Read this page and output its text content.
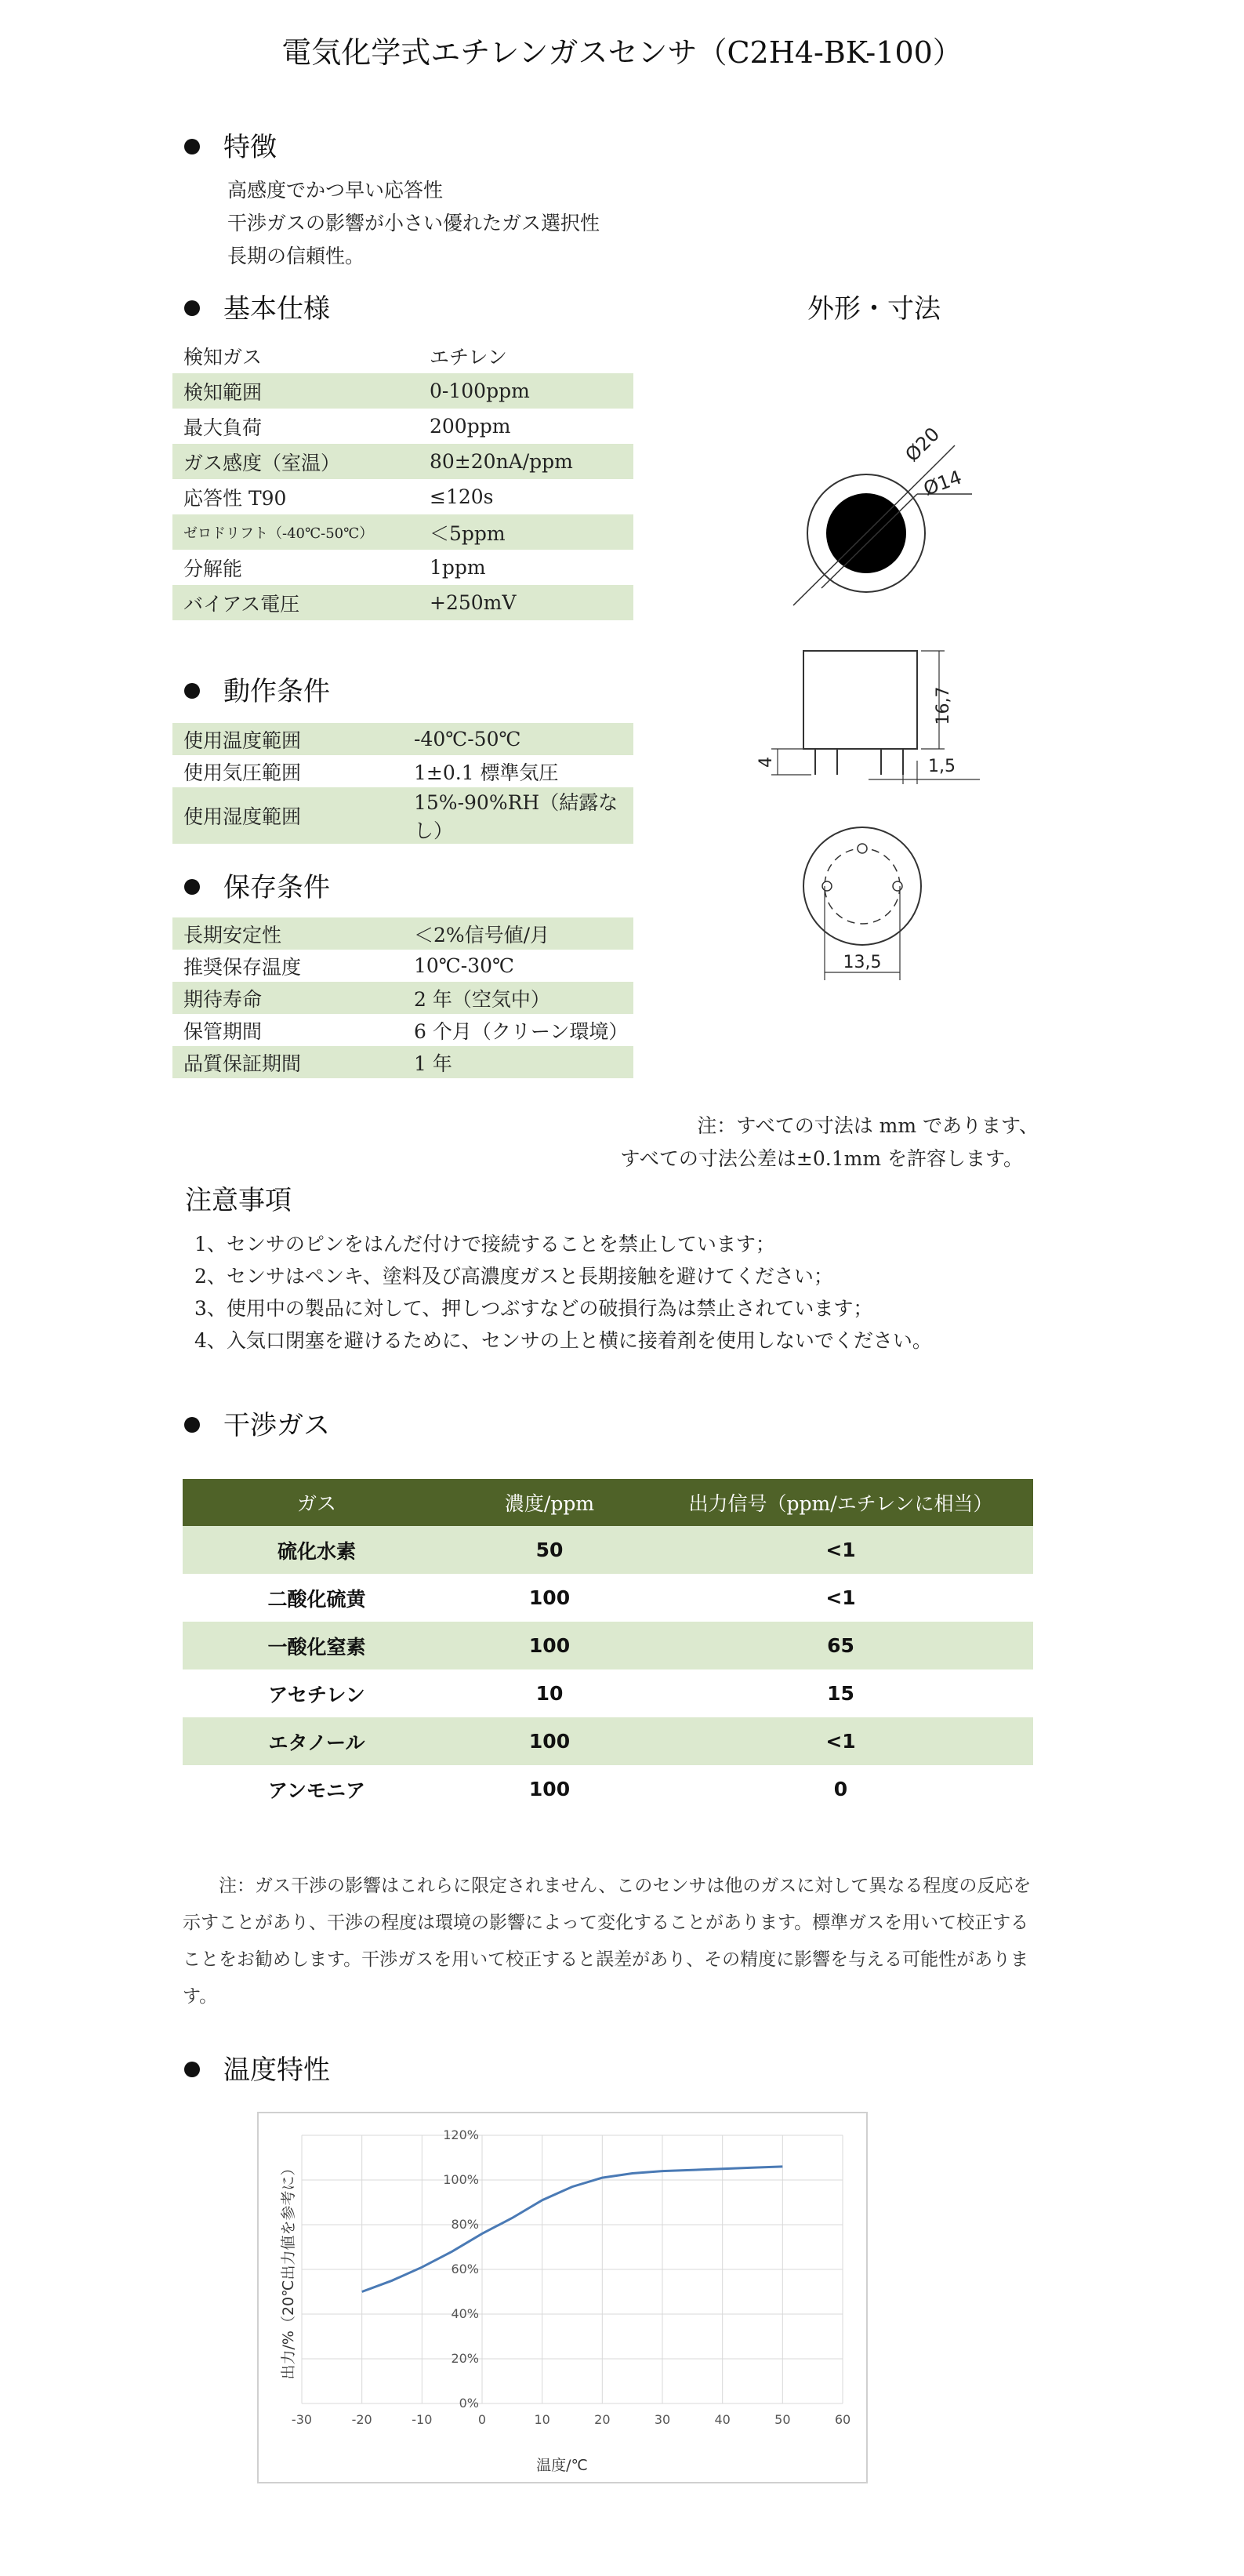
電気化学式エチレンガスセンサ（C2H4-BK-100）
特徴
高感度でかつ早い応答性
干渉ガスの影響が小さい優れたガス選択性
長期の信頼性。
基本仕様
検知ガス	エチレン
検知範囲	0-100ppm
最大負荷	200ppm
ガス感度（室温）	80±20nA/ppm
応答性 T90	≤120s
ゼロドリフト（-40℃-50℃）	＜5ppm
分解能	1ppm
バイアス電圧	+250mV
動作条件
使用温度範囲	-40℃-50℃
使用気圧範囲	1±0.1 標準気圧
使用湿度範囲	15%-90%RH（結露なし）
保存条件
長期安定性	＜2%信号値/月
推奨保存温度	10℃-30℃
期待寿命	2 年（空気中）
保管期間	6 个月（クリーン環境）
品質保証期間	1 年
外形・寸法
Ø20
Ø14
16,7
4	1,5
13,5
注：すべての寸法は mm であります、
すべての寸法公差は±0.1mm を許容します。
注意事項
1、センサのピンをはんだ付けで接続することを禁止しています；
2、センサはペンキ、塗料及び高濃度ガスと長期接触を避けてください；
3、使用中の製品に対して、押しつぶすなどの破損行為は禁止されています；
4、入気口閉塞を避けるために、センサの上と横に接着剤を使用しないでください。
干渉ガス
ガス	濃度/ppm	出力信号（ppm/エチレンに相当）
硫化水素	50	<1
二酸化硫黄	100	<1
一酸化窒素	100	65
アセチレン	10	15
エタノール	100	<1
アンモニア	100	0
注：ガス干渉の影響はこれらに限定されません、このセンサは他のガスに対して異なる程度の反応を示すことがあり、干渉の程度は環境の影響によって変化することがあります。標準ガスを用いて校正することをお勧めします。干渉ガスを用いて校正すると誤差があり、その精度に影響を与える可能性があります。
温度特性
-30	-20	-10	0	10	20	30	40	50	60
0%
20%
40%
60%
80%
100%
120%
温度/℃
出力/%（20℃出力値を参考に）
